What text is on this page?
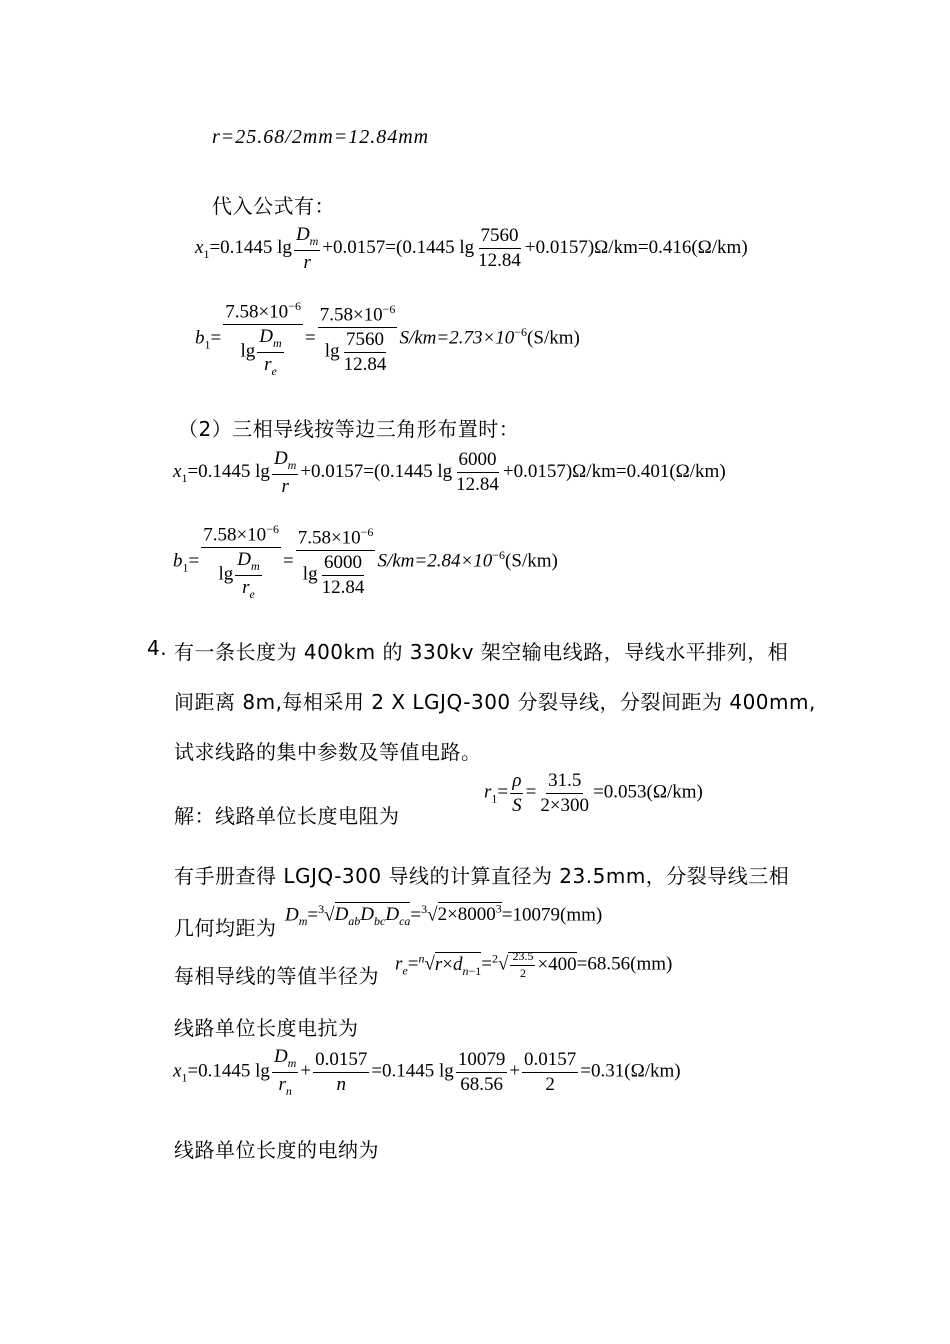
r=25.68/2mm=12.84mm
代入公式有：
$x_1=0.1445$ $\lg \frac{D_m}{r} +0.0157=(0.1445$ $\lg \frac{7560}{12.84} +0.0157)\Omega/km=0.416(\Omega/km)$
$b_1= \frac{7.58\times 10^{-6}}{\lg \frac{D_m}{r_e}} = \frac{7.58\times 10^{-6}}{\lg \frac{7560}{12.84}} S/km=2.73\times 10^{-6}(S/km)$
（2）三相导线按等边三角形布置时：
$x_1=0.1445$ $\lg \frac{D_m}{r} +0.0157=(0.1445$ $\lg \frac{6000}{12.84} +0.0157)\Omega/km=0.401(\Omega/km)$
$b_1= \frac{7.58\times 10^{-6}}{\lg \frac{D_m}{r_e}} = \frac{7.58\times 10^{-6}}{\lg \frac{6000}{12.84}} S/km=2.84\times 10^{-6}(S/km)$
4. 有一条长度为 400km 的 330kv 架空输电线路，导线水平排列，相
间距离 8m,每相采用 2 X LGJQ-300 分裂导线，分裂间距为 400mm,
试求线路的集中参数及等值电路。
解：线路单位长度电阻为
$r_1= \frac{\rho}{S} = \frac{31.5}{2\times 300} =0.053(\Omega/km)$
有手册查得 LGJQ-300 导线的计算直径为 23.5mm，分裂导线三相
几何均距为
$D_m=^3√D_{ab}D_{bc}D_{ca}=^3√2\times 8000^3=10079(mm)$
每相导线的等值半径为 $r_e=^n√r\times d_{n-1}=^2√ \frac{23.5}{2} \times 400=68.56(mm)$
线路单位长度电抗为
$x_1=0.1445$ $\lg \frac{D_m}{r_n} + \frac{0.0157}{n} =0.1445$ $\lg \frac{10079}{68.56} + \frac{0.0157}{2} =0.31(\Omega/km)$
线路单位长度的电纳为
